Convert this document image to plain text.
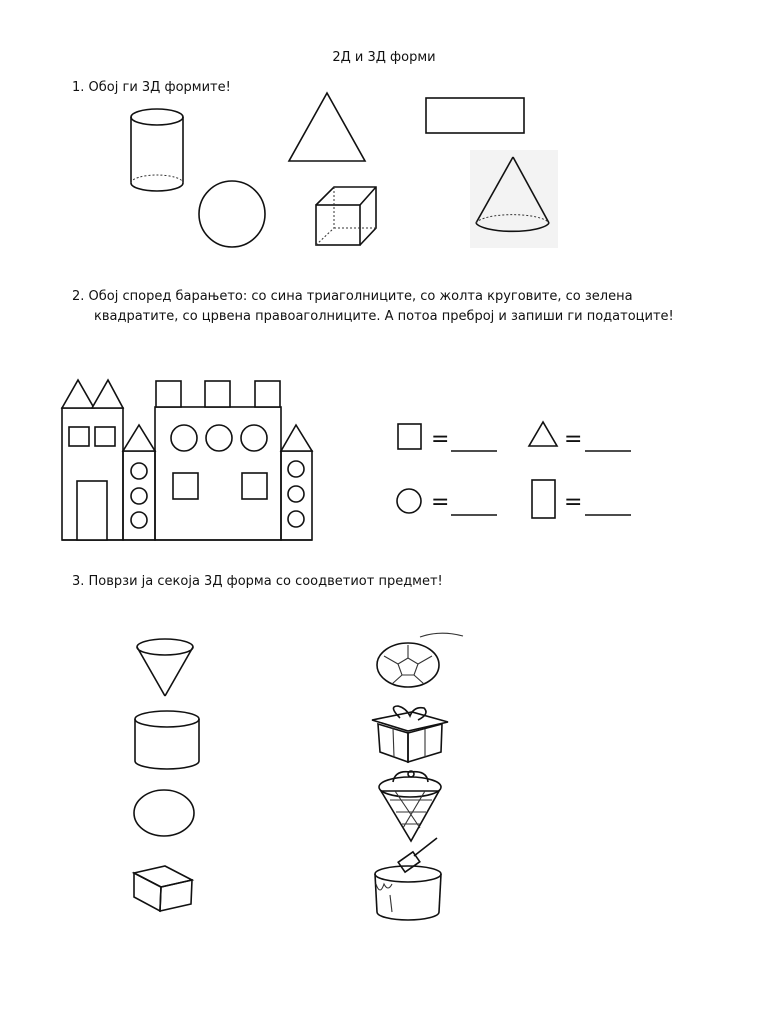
2Д и 3Д форми
1. Обој ги 3Д формите!
2. Обој според барањето: со сина триаголниците, со жолта круговите, со зелена
квадратите, со црвена правоаголниците. А потоа преброј и запиши ги податоците!
3. Поврзи ја секоја 3Д форма со соодветиот предмет!
=	=
=	=
